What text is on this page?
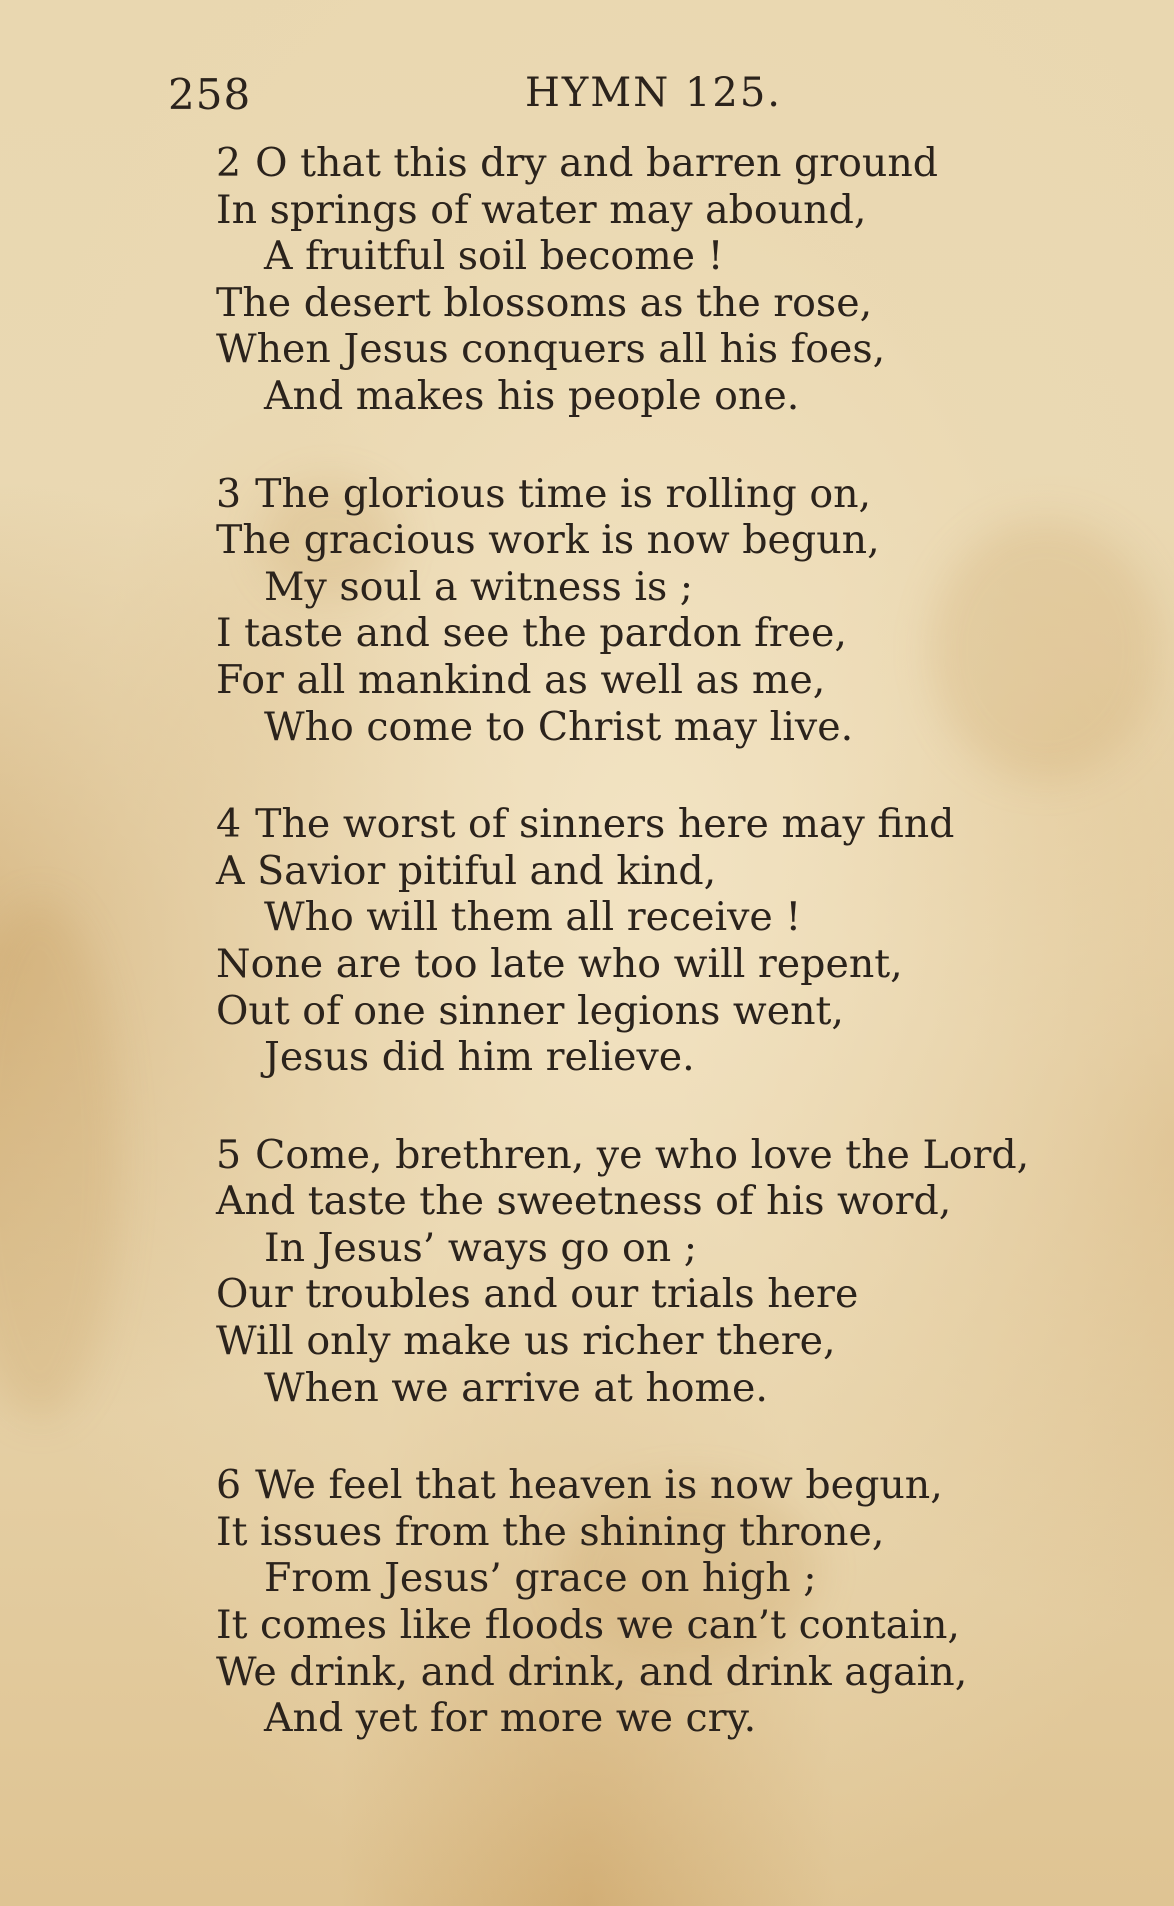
258	HYMN 125.
2 O that this dry and barren ground
In springs of water may abound,
A fruitful soil become !
The desert blossoms as the rose,
When Jesus conquers all his foes,
And makes his people one.
3 The glorious time is rolling on,
The gracious work is now begun,
My soul a witness is ;
I taste and see the pardon free,
For all mankind as well as me,
Who come to Christ may live.
4 The worst of sinners here may find
A Savior pitiful and kind,
Who will them all receive !
None are too late who will repent,
Out of one sinner legions went,
Jesus did him relieve.
5 Come, brethren, ye who love the Lord,
And taste the sweetness of his word,
In Jesus’ ways go on ;
Our troubles and our trials here
Will only make us richer there,
When we arrive at home.
6 We feel that heaven is now begun,
It issues from the shining throne,
From Jesus’ grace on high ;
It comes like floods we can’t contain,
We drink, and drink, and drink again,
And yet for more we cry.
